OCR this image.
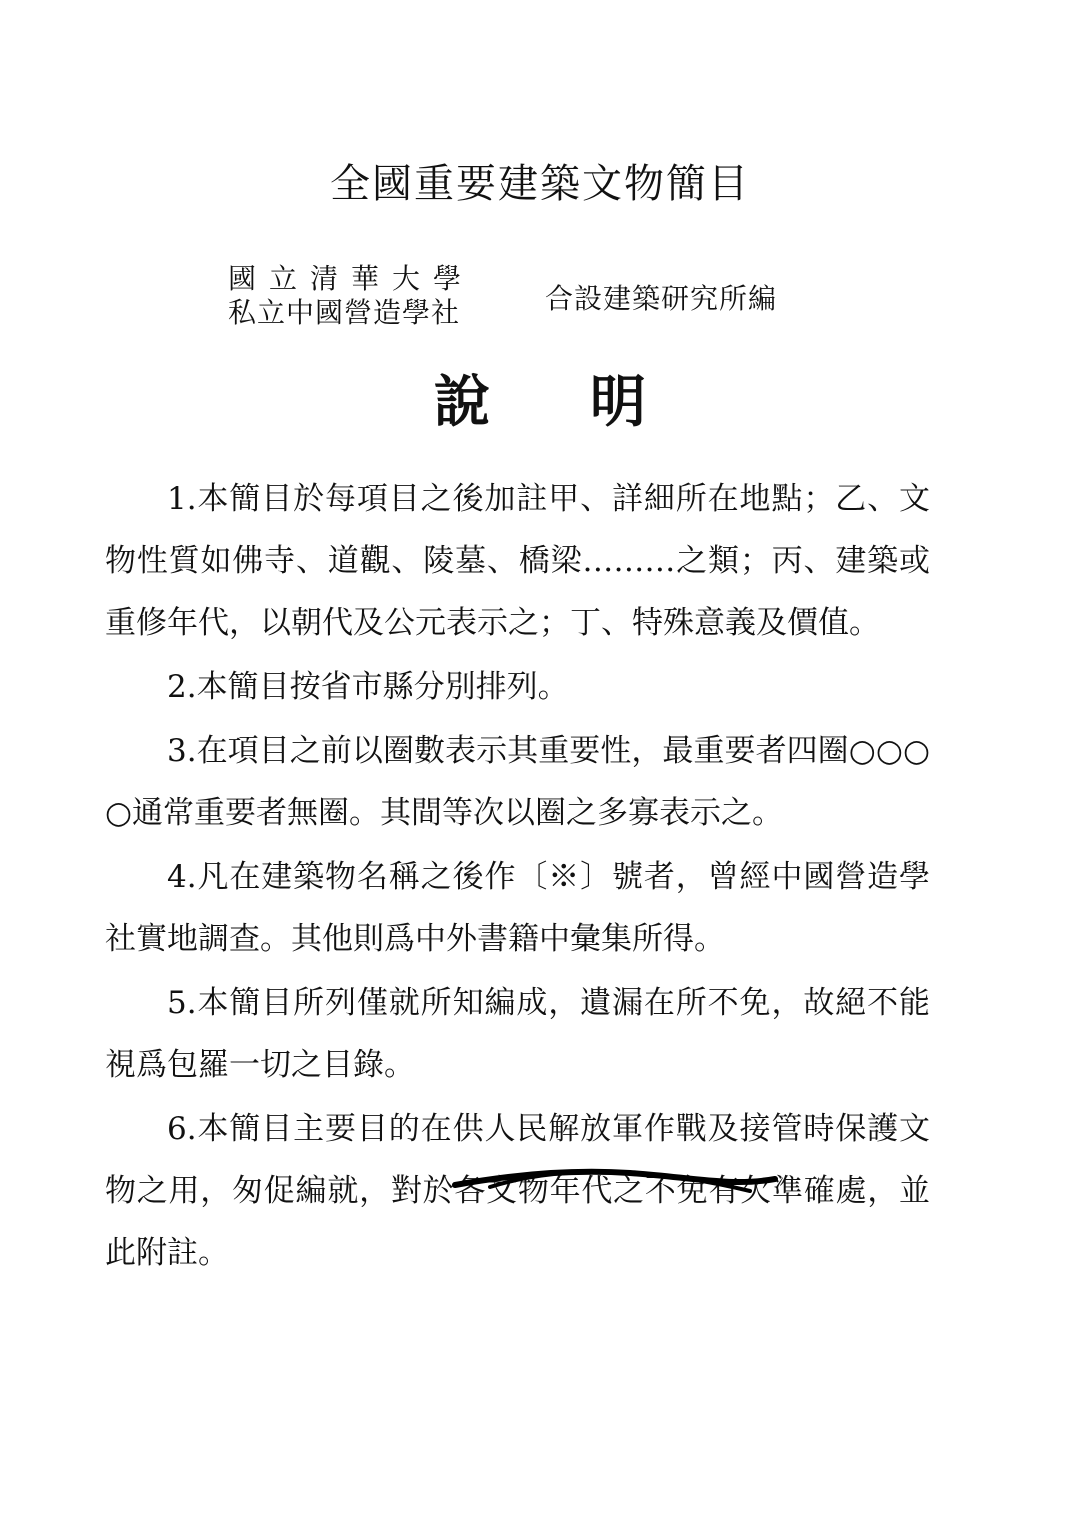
全國重要建築文物簡目
國立清華大學
私立中國營造學社	合設建築研究所編
說明

1.本簡目於每項目之後加註甲、詳細所在地點；乙、文物性質如佛寺、道觀、陵墓、橋梁………之類；丙、建築或重修年代，以朝代及公元表示之；丁、特殊意義及價值。

2.本簡目按省市縣分別排列。

3.在項目之前以圈數表示其重要性，最重要者四圈○○○○通常重要者無圈。其間等次以圈之多寡表示之。

4.凡在建築物名稱之後作〔※〕號者，曾經中國營造學社實地調查。其他則爲中外書籍中彙集所得。

5.本簡目所列僅就所知編成，遺漏在所不免，故絕不能視爲包羅一切之目錄。

6.本簡目主要目的在供人民解放軍作戰及接管時保護文物之用，匆促編就，對於各文物年代之不免有欠準確處，並此附註。
